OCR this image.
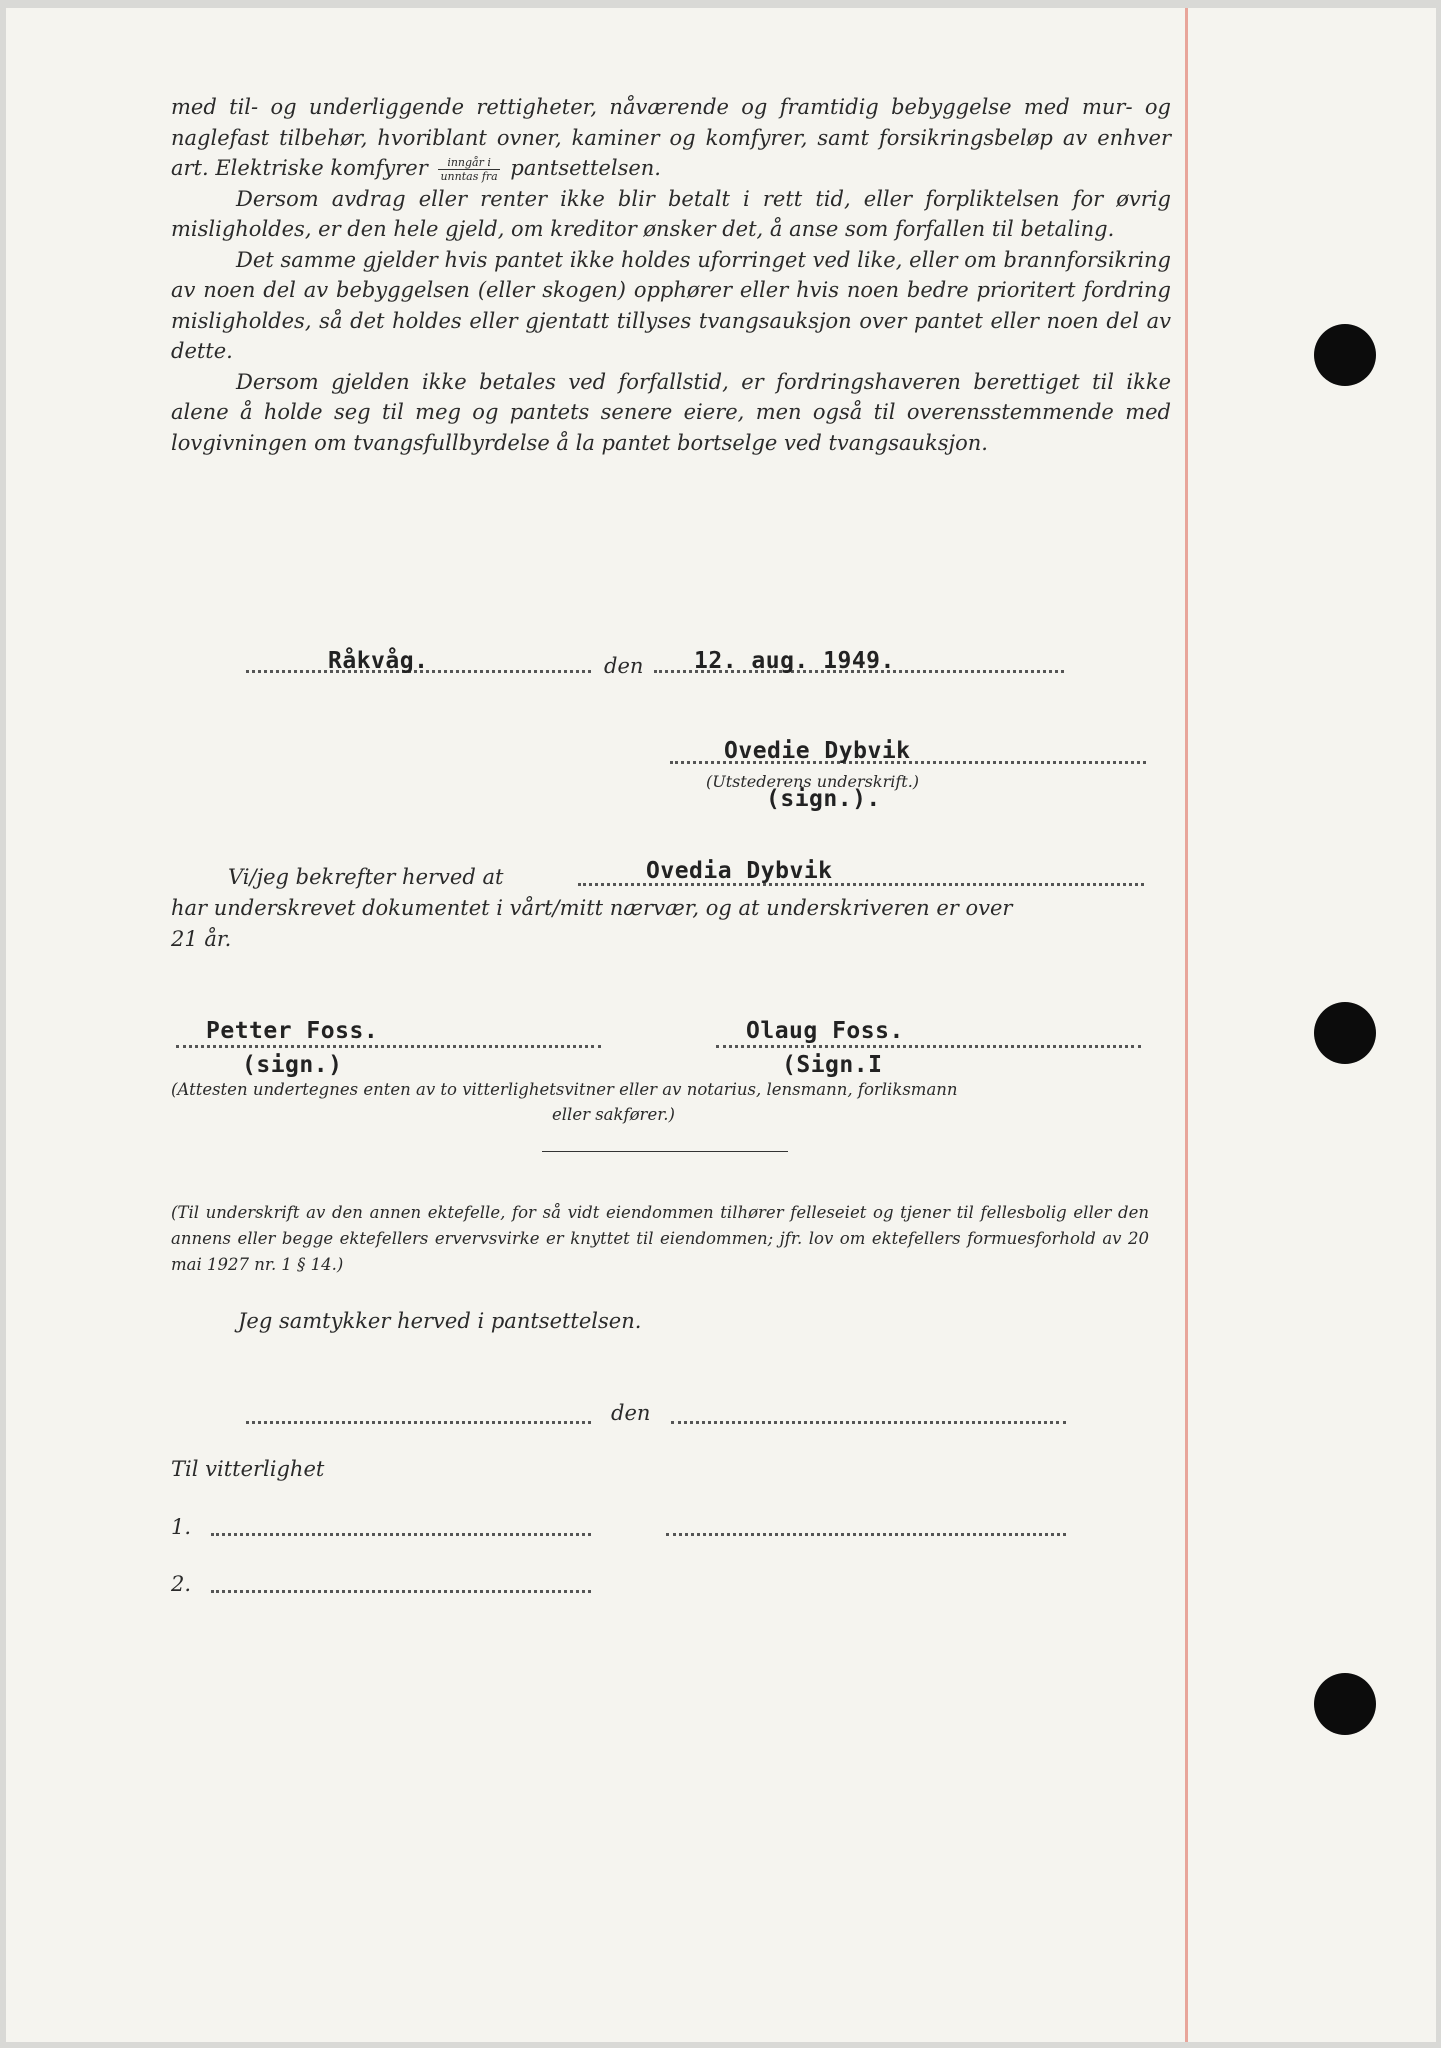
med til- og underliggende rettigheter, nåværende og framtidig bebyggelse med mur- og naglefast tilbehør, hvoriblant ovner, kaminer og komfyrer, samt forsikringsbeløp av enhver art. Elektriske komfyrer	inngår i
unntas fra pantsettelsen.

Dersom avdrag eller renter ikke blir betalt i rett tid, eller forpliktelsen for øvrig misligholdes, er den hele gjeld, om kreditor ønsker det, å anse som forfallen til betaling.

Det samme gjelder hvis pantet ikke holdes uforringet ved like, eller om brannforsikring av noen del av bebyggelsen (eller skogen) opphører eller hvis noen bedre prioritert fordring misligholdes, så det holdes eller gjentatt tillyses tvangsauksjon over pantet eller noen del av dette.

Dersom gjelden ikke betales ved forfallstid, er fordringshaveren berettiget til ikke alene å holde seg til meg og pantets senere eiere, men også til overensstemmende med lovgivningen om tvangsfullbyrdelse å la pantet bortselge ved tvangsauksjon.

Råkvåg.	den 12. aug. 1949.
Ovedie Dybvik
(Utstederens underskrift.)
(sign.).
Vi/jeg bekrefter herved at	Ovedia Dybvik
har underskrevet dokumentet i vårt/mitt nærvær, og at underskriveren er over
21 år.
Petter Foss.
(sign.)
Olaug Foss.
(Sign.I
(Attesten undertegnes enten av to vitterlighetsvitner eller av notarius, lensmann, forliksmann
eller sakfører.)
(Til underskrift av den annen ektefelle, for så vidt eiendommen tilhører felleseiet og tjener til fellesbolig eller den annens eller begge ektefellers ervervsvirke er knyttet til eiendommen; jfr. lov om ektefellers formuesforhold av 20 mai 1927 nr. 1 § 14.)
Jeg samtykker herved i pantsettelsen.
den
Til vitterlighet
1.
2.
